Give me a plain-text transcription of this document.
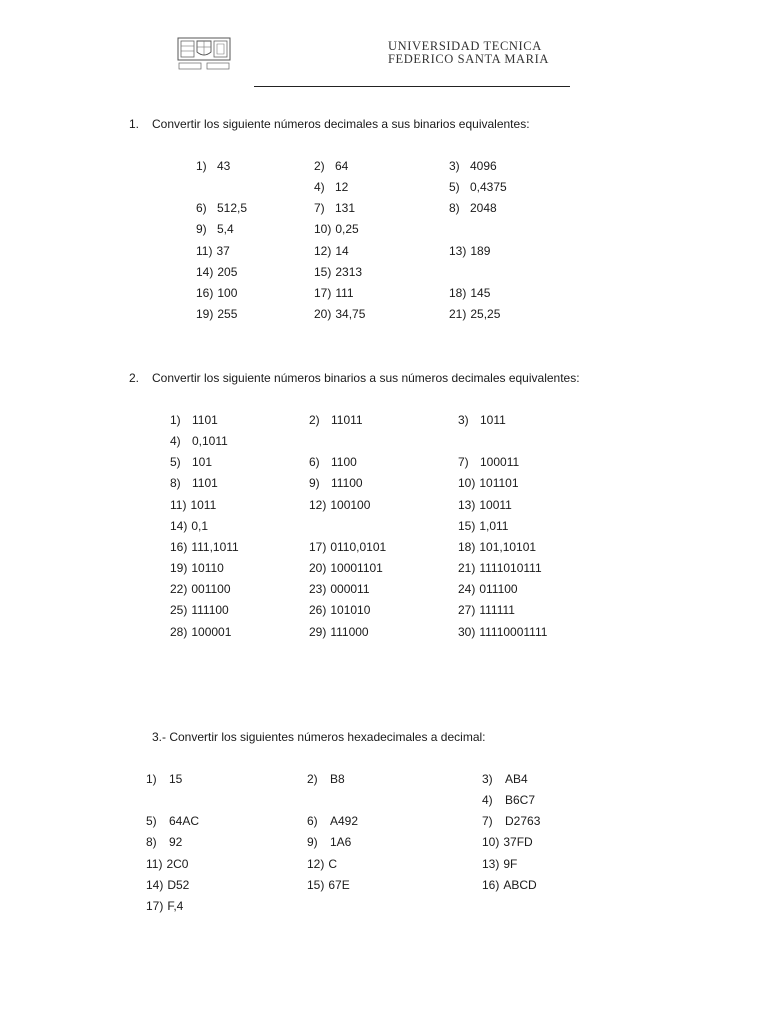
UNIVERSIDAD TECNICA
FEDERICO SANTA MARIA
1. Convertir los siguiente números decimales a sus binarios equivalentes:
2. Convertir los siguiente números binarios a sus números decimales equivalentes:
3.- Convertir los siguientes números hexadecimales a decimal:
1) 43	2) 64	3) 4096
4) 12	5) 0,4375
6) 512,5	7) 131	8) 2048
9) 5,4	10) 0,25
11) 37	12) 14	13) 189
14) 205	15) 2313
16) 100	17) 111	18) 145
19) 255	20) 34,75	21) 25,25
1) 1101	2) 11011	3) 1011
4) 0,1011
5) 101	6) 1100	7) 100011
8) 1101	9) 11100	10) 101101
11) 1011	12) 100100	13) 10011
14) 0,1	15) 1,011
16) 111,1011	17) 0110,0101	18) 101,10101
19) 10110	20) 10001101	21) 1111010111
22) 001100	23) 000011	24) 011100
25) 111100	26) 101010	27) 111111
28) 100001	29) 111000	30) 11110001111
1) 15	2) B8	3) AB4
4) B6C7
5) 64AC	6) A492	7) D2763
8) 92	9) 1A6	10) 37FD
11) 2C0	12) C	13) 9F
14) D52	15) 67E	16) ABCD
17) F,4
